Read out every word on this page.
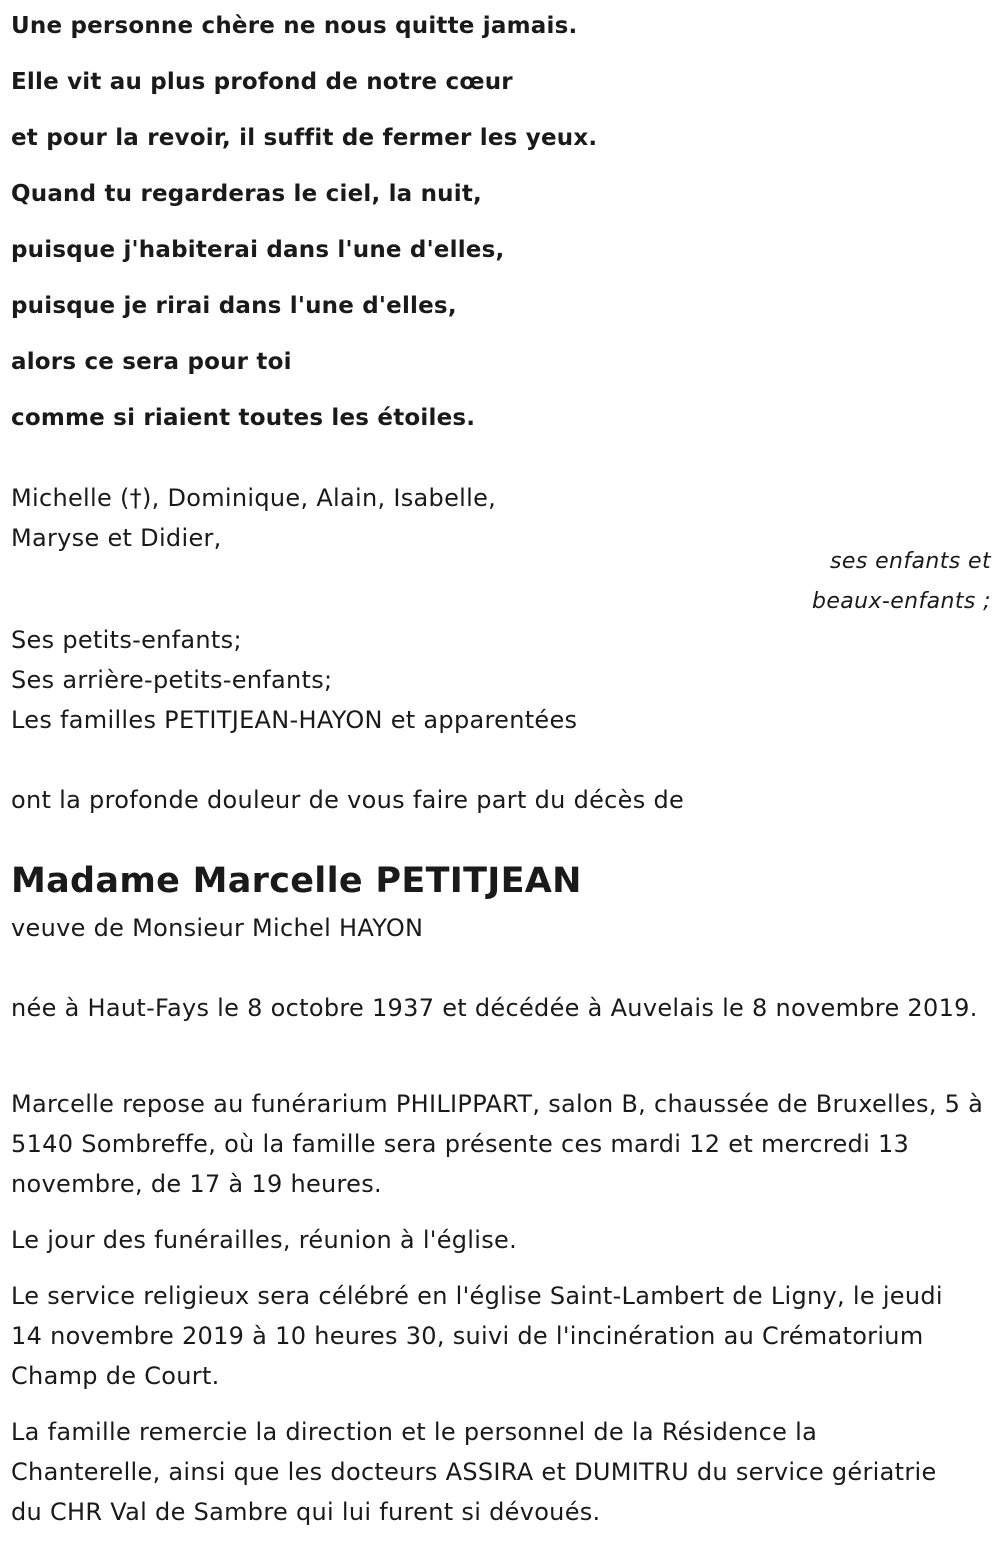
Une personne chère ne nous quitte jamais.

Elle vit au plus profond de notre cœur

et pour la revoir, il suffit de fermer les yeux.

Quand tu regarderas le ciel, la nuit,

puisque j'habiterai dans l'une d'elles,

puisque je rirai dans l'une d'elles,

alors ce sera pour toi

comme si riaient toutes les étoiles.

Michelle (†), Dominique, Alain, Isabelle,

Maryse et Didier,

ses enfants et

beaux-enfants ;

Ses petits-enfants;

Ses arrière-petits-enfants;

Les familles PETITJEAN-HAYON et apparentées

ont la profonde douleur de vous faire part du décès de

Madame Marcelle PETITJEAN

veuve de Monsieur Michel HAYON

née à Haut-Fays le 8 octobre 1937 et décédée à Auvelais le 8 novembre 2019.

Marcelle repose au funérarium PHILIPPART, salon B, chaussée de Bruxelles, 5 à 5140 Sombreffe, où la famille sera présente ces mardi 12 et mercredi 13 novembre, de 17 à 19 heures.

Le jour des funérailles, réunion à l'église.

Le service religieux sera célébré en l'église Saint-Lambert de Ligny, le jeudi 14 novembre 2019 à 10 heures 30, suivi de l'incinération au Crématorium Champ de Court.

La famille remercie la direction et le personnel de la Résidence la Chanterelle, ainsi que les docteurs ASSIRA et DUMITRU du service gériatrie du CHR Val de Sambre qui lui furent si dévoués.
